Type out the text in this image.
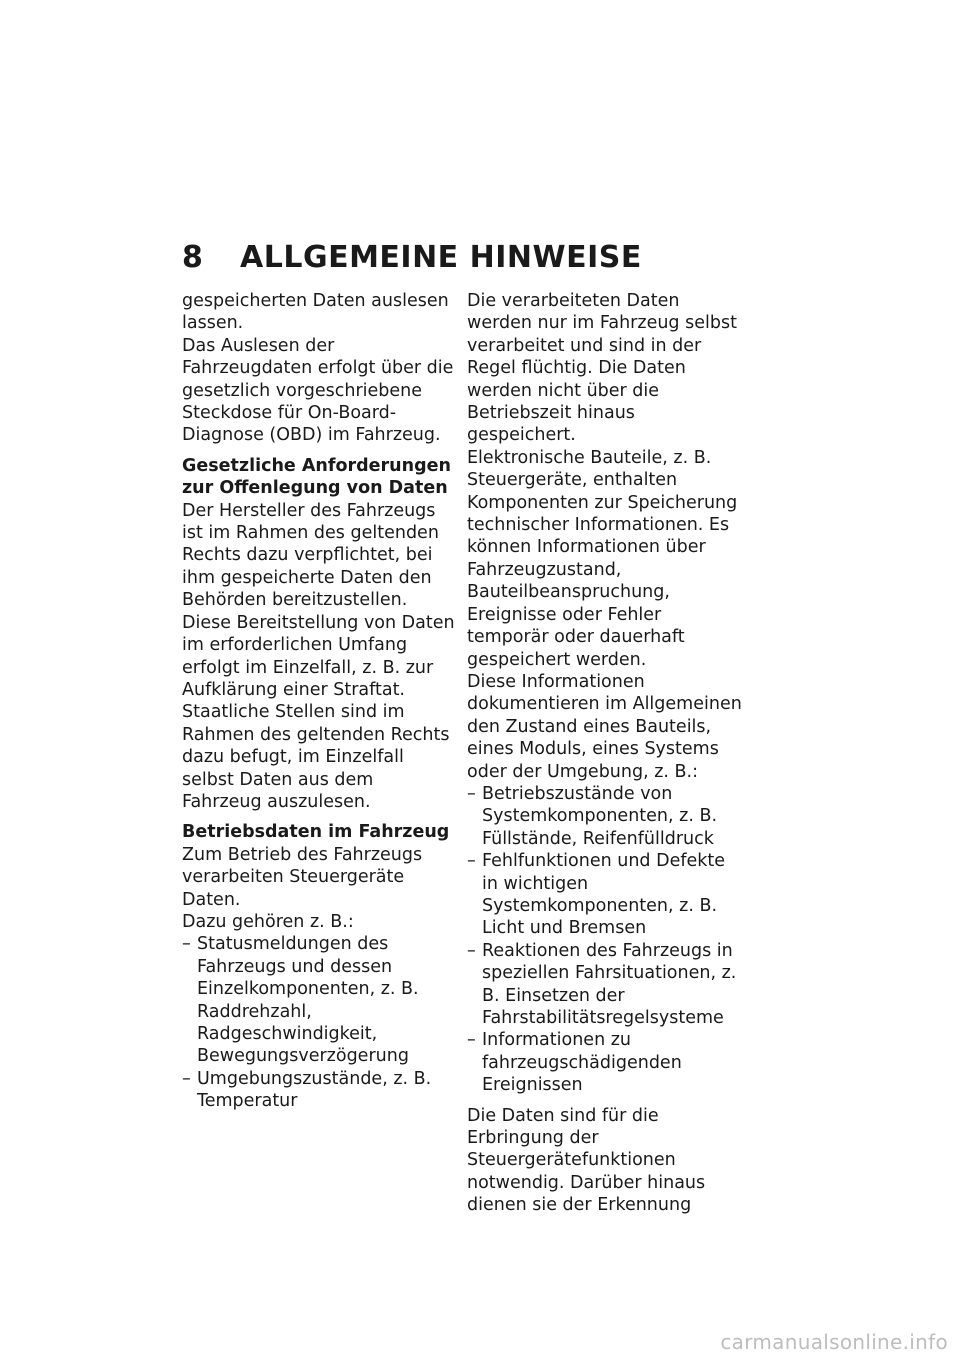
8 ALLGEMEINE HINWEISE

gespeicherten Daten auslesen lassen.

Das Auslesen der Fahrzeugdaten erfolgt über die gesetzlich vorgeschriebene Steckdose für On-Board-Diagnose (OBD) im Fahrzeug.

Gesetzliche Anforderungen zur Offenlegung von Daten

Der Hersteller des Fahrzeugs ist im Rahmen des geltenden Rechts dazu verpflichtet, bei ihm gespeicherte Daten den Behörden bereitzustellen. Diese Bereitstellung von Daten im erforderlichen Umfang erfolgt im Einzelfall, z. B. zur Aufklärung einer Straftat.

Staatliche Stellen sind im Rahmen des geltenden Rechts dazu befugt, im Einzelfall selbst Daten aus dem Fahrzeug auszulesen.

Betriebsdaten im Fahrzeug

Zum Betrieb des Fahrzeugs verarbeiten Steuergeräte Daten.

Dazu gehören z. B.:

– Statusmeldungen des Fahrzeugs und dessen Einzelkomponenten, z. B. Raddrehzahl, Radgeschwindigkeit, Bewegungsverzögerung
– Umgebungszustände, z. B. Temperatur

Die verarbeiteten Daten werden nur im Fahrzeug selbst verarbeitet und sind in der Regel flüchtig. Die Daten werden nicht über die Betriebszeit hinaus gespeichert.

Elektronische Bauteile, z. B. Steuergeräte, enthalten Komponenten zur Speicherung technischer Informationen. Es können Informationen über Fahrzeugzustand, Bauteilbeanspruchung, Ereignisse oder Fehler temporär oder dauerhaft gespeichert werden.

Diese Informationen dokumentieren im Allgemeinen den Zustand eines Bauteils, eines Moduls, eines Systems oder der Umgebung, z. B.:

– Betriebszustände von Systemkomponenten, z. B. Füllstände, Reifenfülldruck
– Fehlfunktionen und Defekte in wichtigen Systemkomponenten, z. B. Licht und Bremsen
– Reaktionen des Fahrzeugs in speziellen Fahrsituationen, z. B. Einsetzen der Fahrstabilitätsregelsysteme
– Informationen zu fahrzeugschädigenden Ereignissen

Die Daten sind für die Erbringung der Steuergerätefunktionen notwendig. Darüber hinaus dienen sie der Erkennung

carmanualsonline.info
